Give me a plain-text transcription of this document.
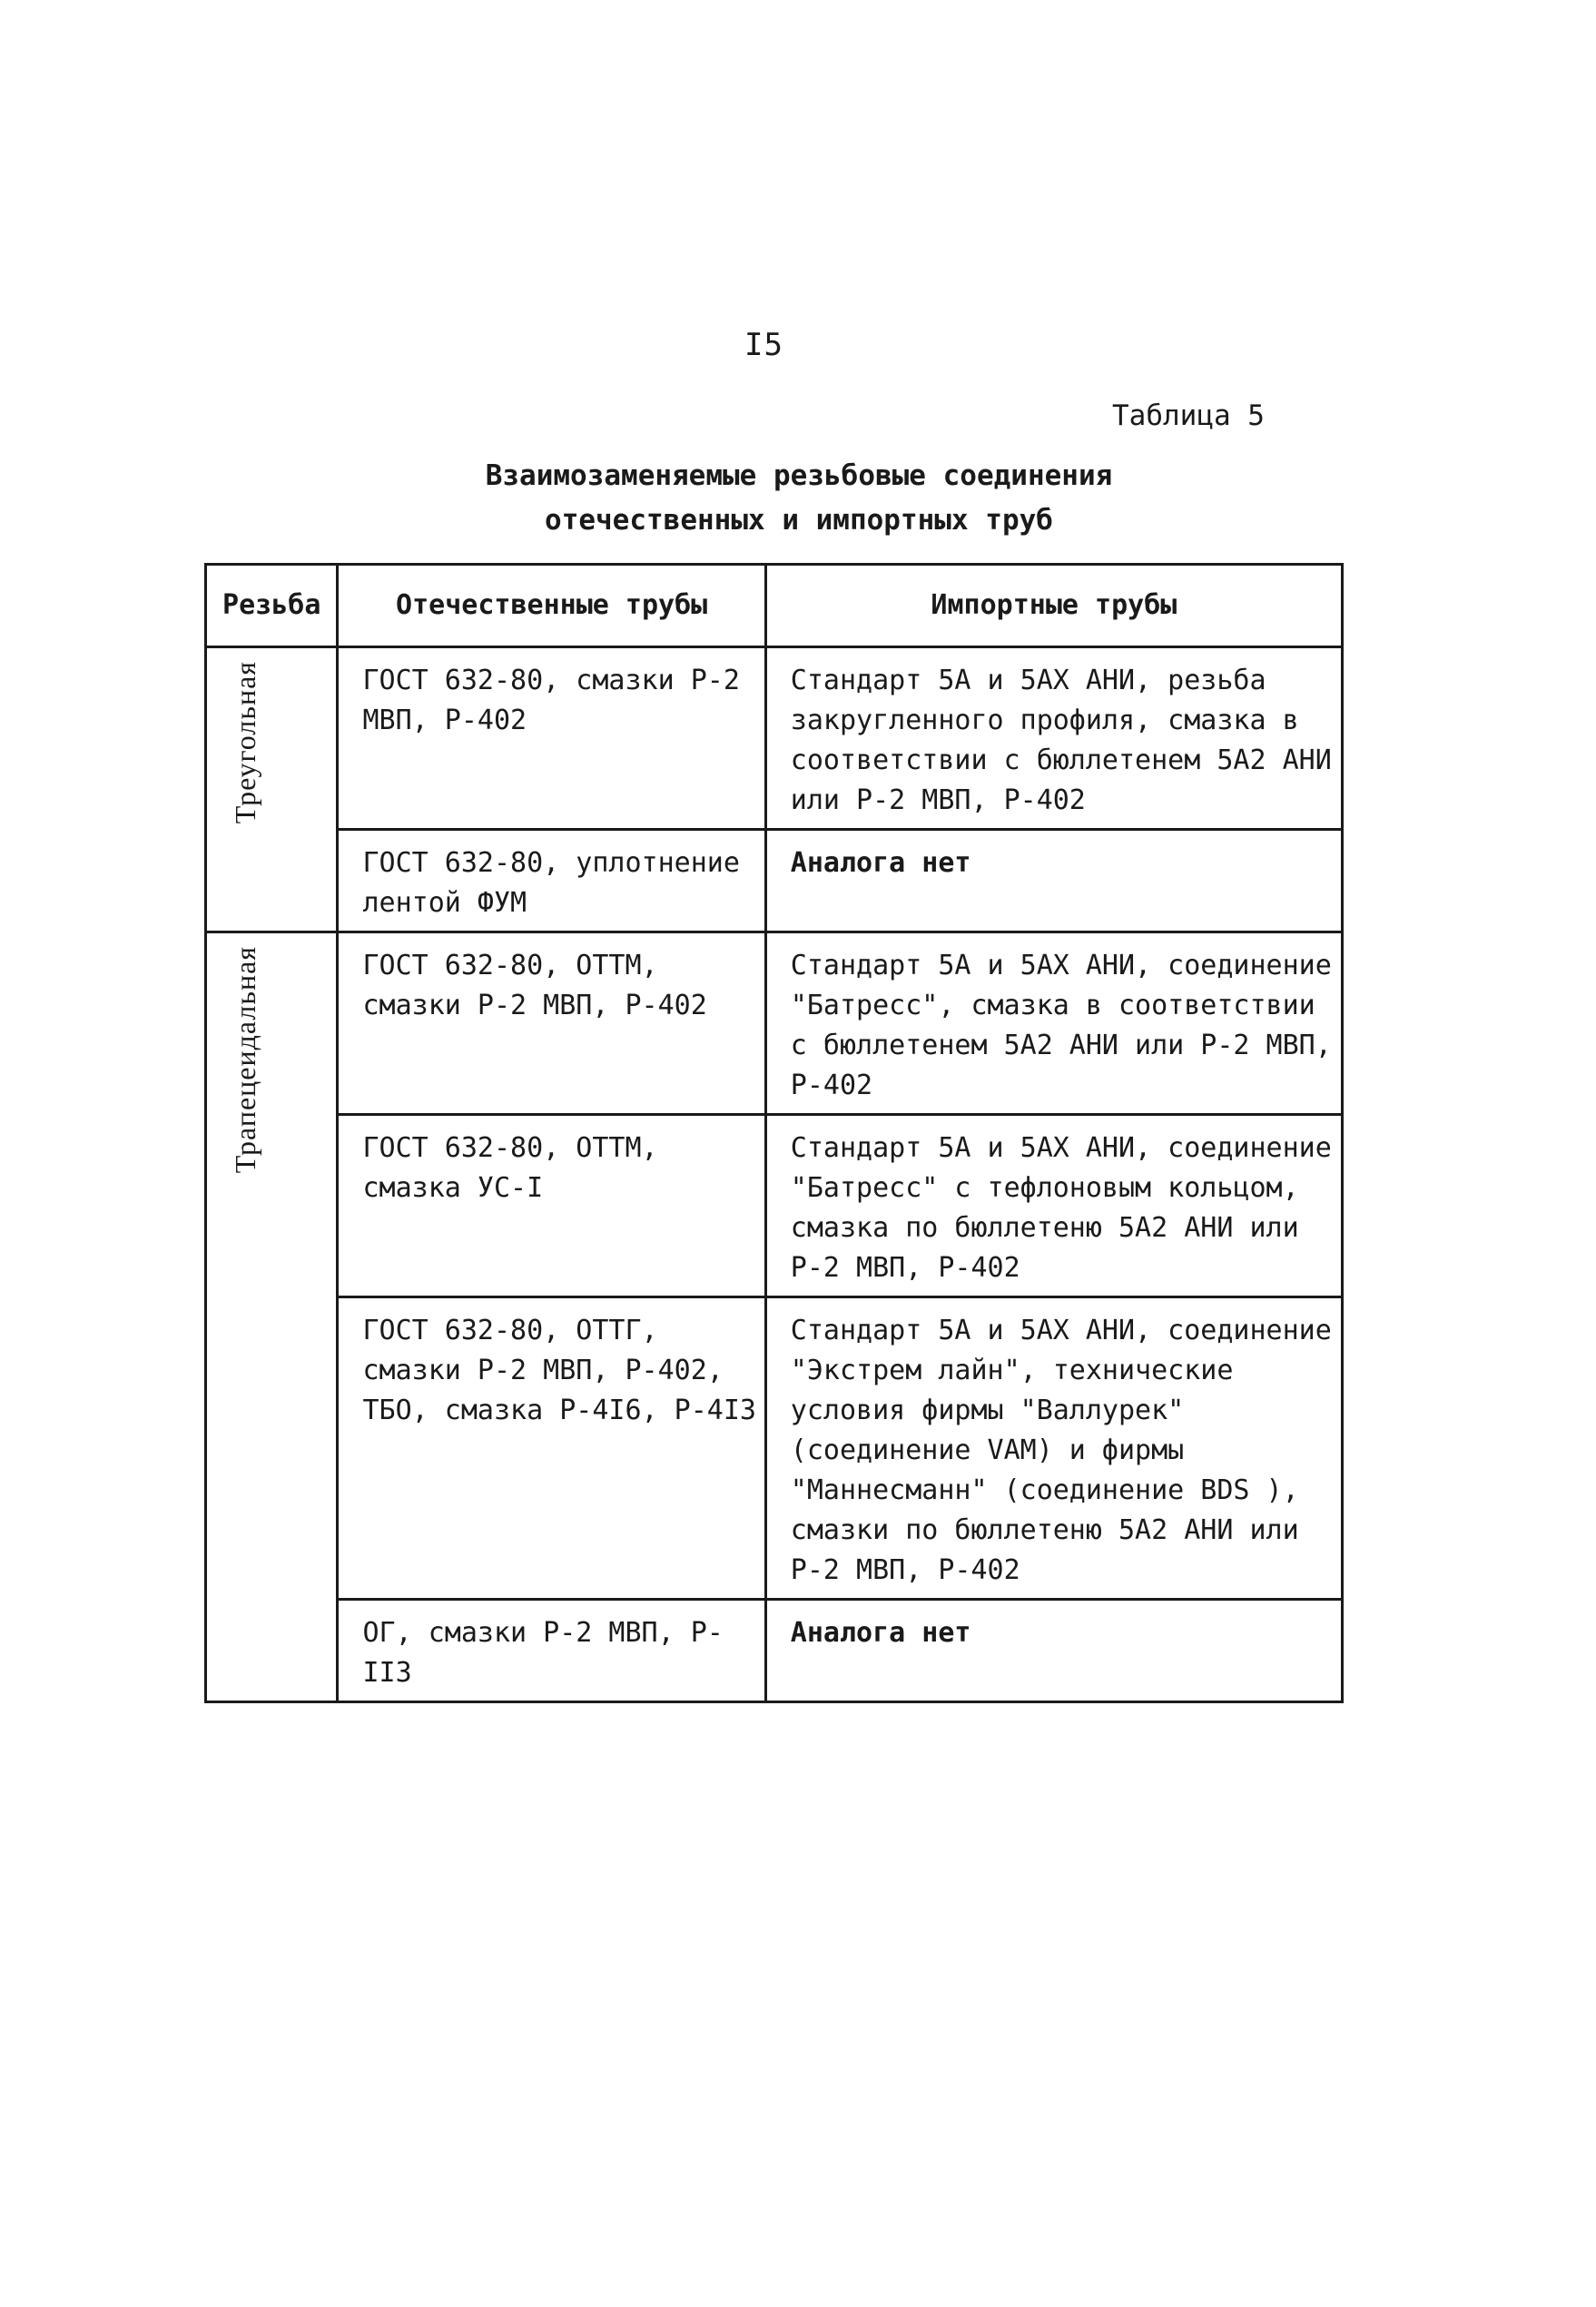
I5
Таблица 5
Взаимозаменяемые резьбовые соединения
отечественных и импортных труб
Резьба	Отечественные трубы	Импортные трубы
Треугольная	ГОСТ 632-80, смазки Р-2 МВП, Р-402	Стандарт 5А и 5АХ АНИ, резьба закругленного профиля, смазка в соответствии с бюллетенем 5А2 АНИ или Р-2 МВП, Р-402
	ГОСТ 632-80, уплотнение лентой ФУМ	Аналога нет
Трапецеидальная	ГОСТ 632-80, ОТТМ, смазки Р-2 МВП, Р-402	Стандарт 5А и 5АХ АНИ, соединение "Батресс", смазка в соответствии с бюллетенем 5А2 АНИ или Р-2 МВП, Р-402
	ГОСТ 632-80, ОТТМ, смазка УС-I	Стандарт 5А и 5АХ АНИ, соединение "Батресс" с тефлоновым кольцом, смазка по бюллетеню 5А2 АНИ или Р-2 МВП, Р-402
	ГОСТ 632-80, ОТТГ, смазки Р-2 МВП, Р-402, ТБО, смазка Р-4I6, Р-4I3	Стандарт 5А и 5АХ АНИ, соединение "Экстрем лайн", технические условия фирмы "Валлурек" (соединение VAM) и фирмы "Маннесманн" (соединение BDS ), смазки по бюллетеню 5А2 АНИ или Р-2 МВП, Р-402
	ОГ, смазки Р-2 МВП, Р-II3	Аналога нет
